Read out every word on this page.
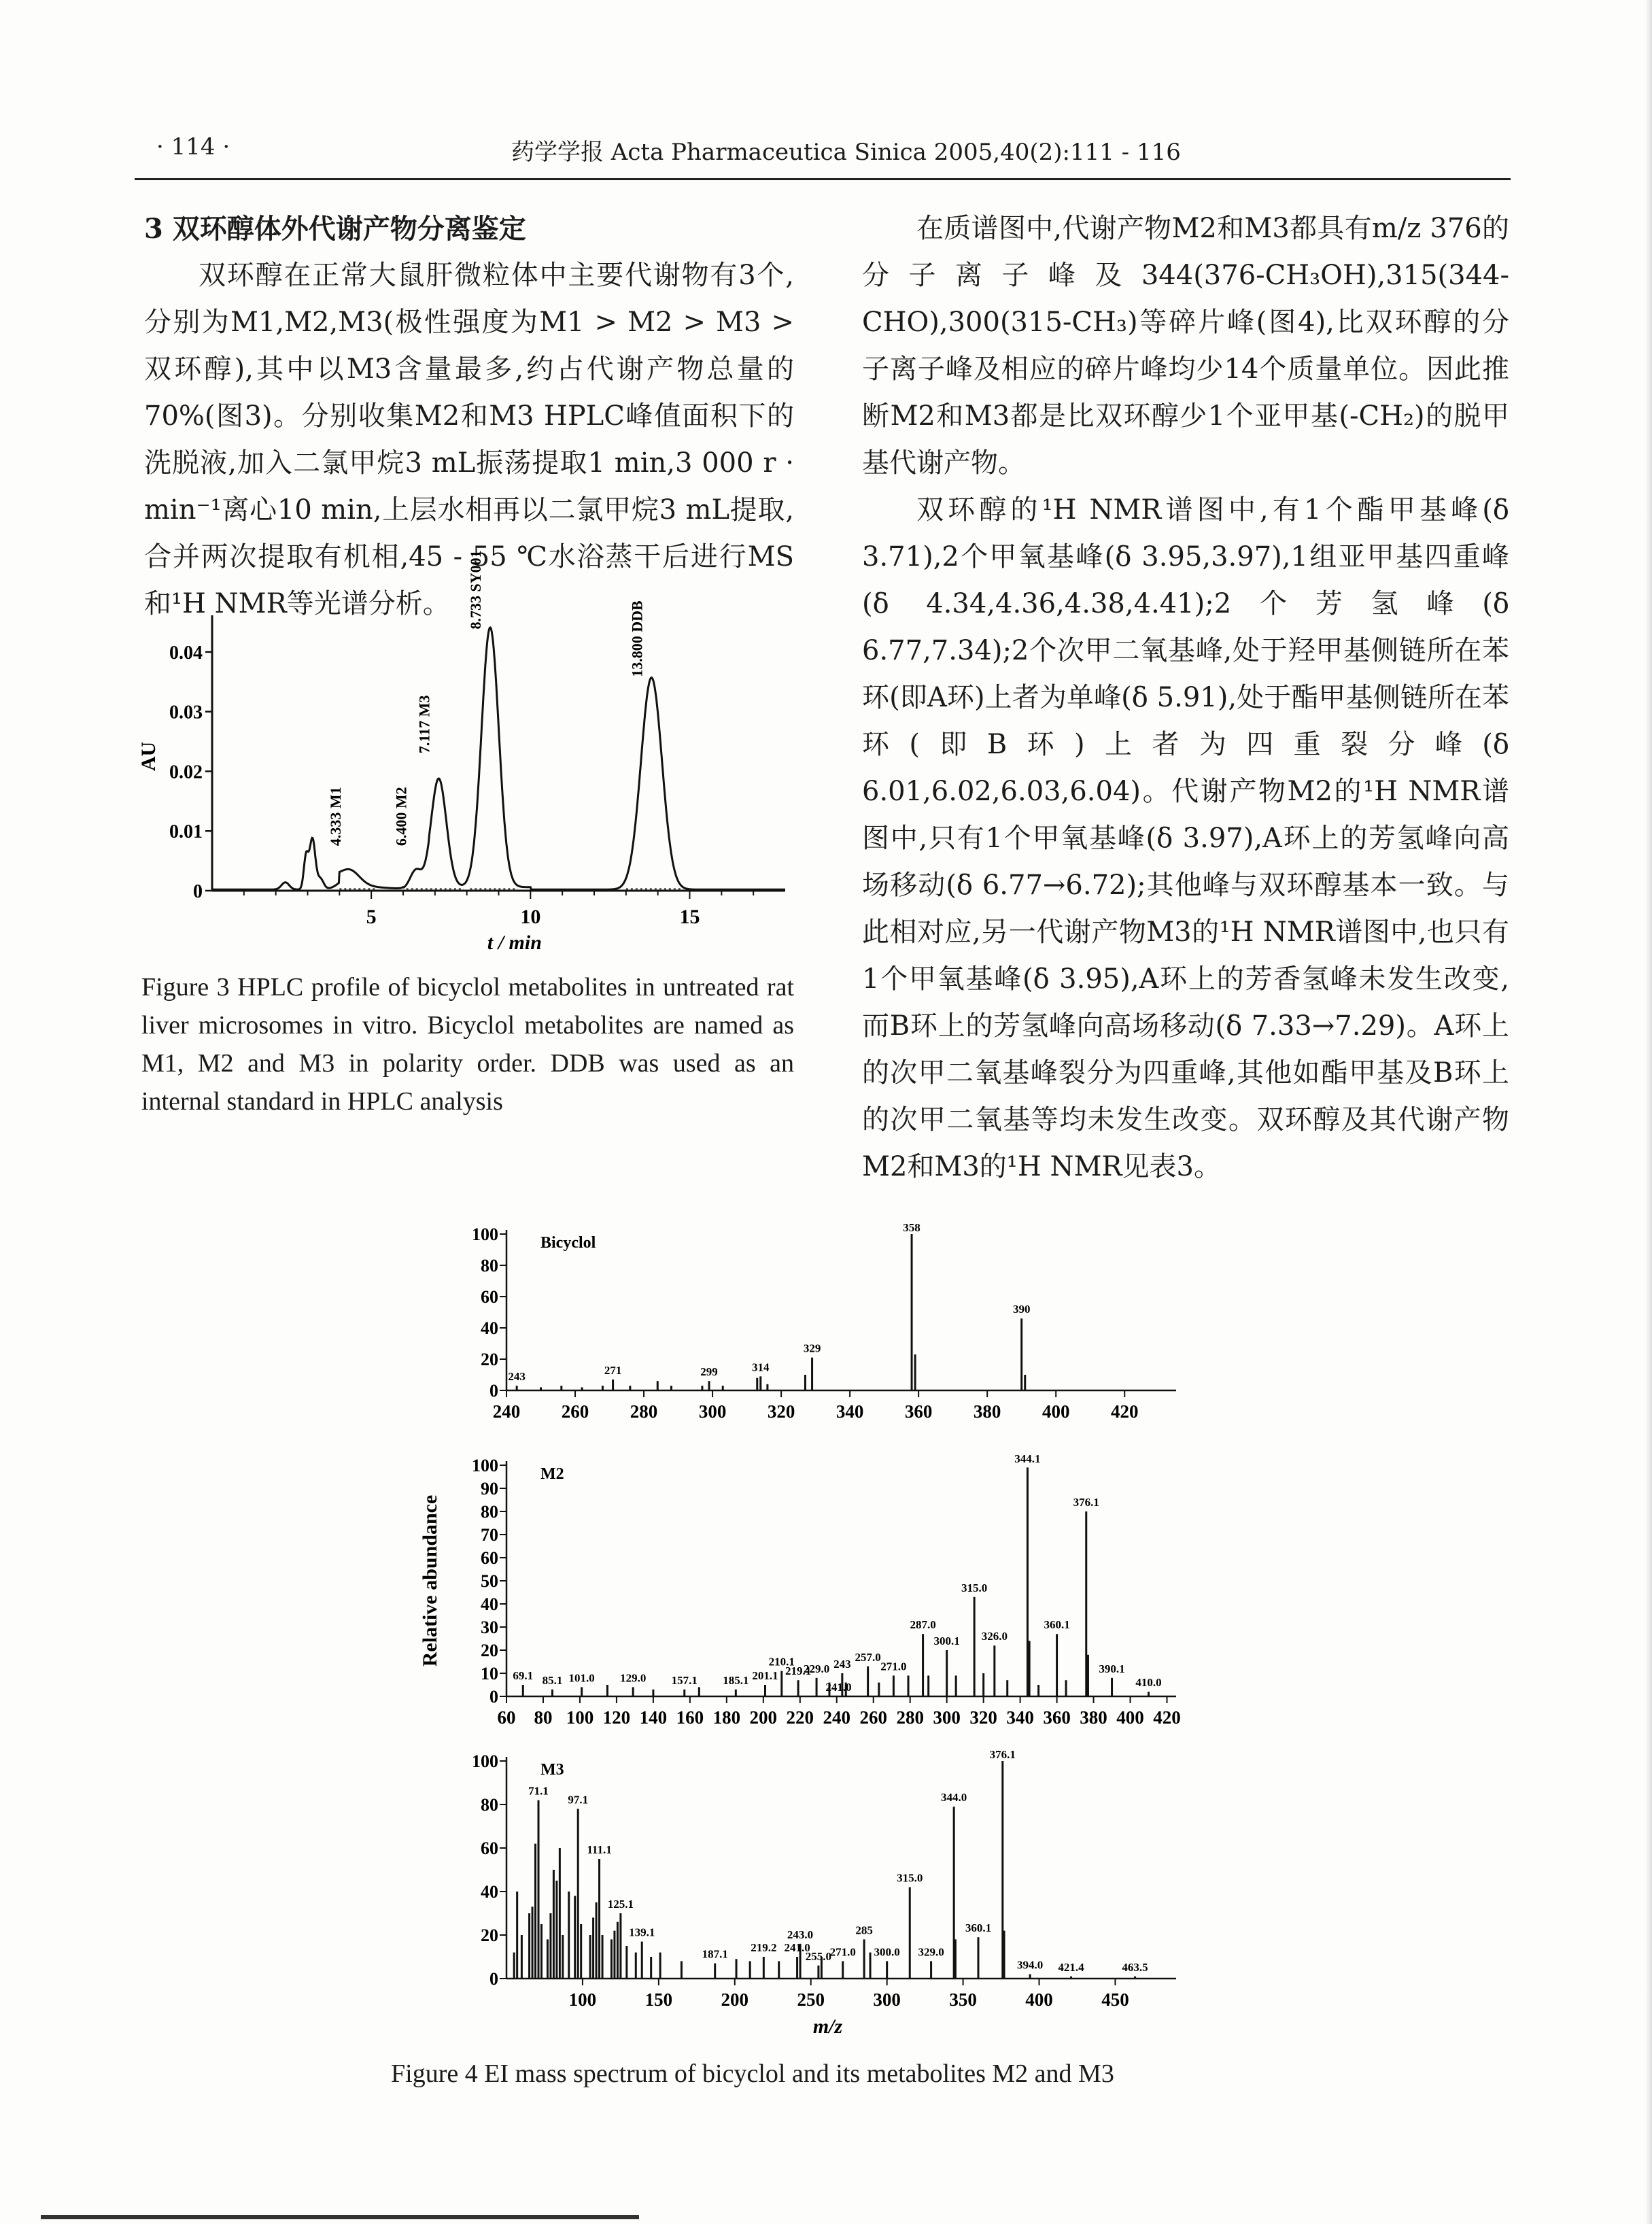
· 114 ·	药学学报 Acta Pharmaceutica Sinica 2005,40(2):111 - 116

3 双环醇体外代谢产物分离鉴定

双环醇在正常大鼠肝微粒体中主要代谢物有3个,分别为M1,M2,M3(极性强度为M1 > M2 > M3 > 双环醇),其中以M3含量最多,约占代谢产物总量的70%(图3)。分别收集M2和M3 HPLC峰值面积下的洗脱液,加入二氯甲烷3 mL振荡提取1 min,3 000 r · min⁻¹离心10 min,上层水相再以二氯甲烷3 mL提取,合并两次提取有机相,45 - 55 ℃水浴蒸干后进行MS和¹H NMR等光谱分析。

在质谱图中,代谢产物M2和M3都具有m/z 376的分子离子峰及344(376-CH₃OH),315(344-CHO),300(315-CH₃)等碎片峰(图4),比双环醇的分子离子峰及相应的碎片峰均少14个质量单位。因此推断M2和M3都是比双环醇少1个亚甲基(-CH₂)的脱甲基代谢产物。

双环醇的¹H NMR谱图中,有1个酯甲基峰(δ 3.71),2个甲氧基峰(δ 3.95,3.97),1组亚甲基四重峰(δ 4.34,4.36,4.38,4.41);2个芳氢峰(δ 6.77,7.34);2个次甲二氧基峰,处于羟甲基侧链所在苯环(即A环)上者为单峰(δ 5.91),处于酯甲基侧链所在苯环(即B环)上者为四重裂分峰(δ 6.01,6.02,6.03,6.04)。代谢产物M2的¹H NMR谱图中,只有1个甲氧基峰(δ 3.97),A环上的芳氢峰向高场移动(δ 6.77→6.72);其他峰与双环醇基本一致。与此相对应,另一代谢产物M3的¹H NMR谱图中,也只有1个甲氧基峰(δ 3.95),A环上的芳香氢峰未发生改变,而B环上的芳氢峰向高场移动(δ 7.33→7.29)。A环上的次甲二氧基峰裂分为四重峰,其他如酯甲基及B环上的次甲二氧基等均未发生改变。双环醇及其代谢产物M2和M3的¹H NMR见表3。

0
0.01
0.02
0.03
0.04
5	10	15
t / min
AU
4.333 M1	6.400 M2
7.117 M3
8.733 SY001
13.800 DDB
Figure 3 HPLC profile of bicyclol metabolites in untreated rat liver microsomes in vitro. Bicyclol metabolites are named as M1, M2 and M3 in polarity order. DDB was used as an internal standard in HPLC analysis
0
20
40
60
80
100
240 260 280 300 320 340 360 380 400 420
Bicyclol
243	271	299	314
329
358
390
0
10
20
30
40
50
60
70
80
90
100
60 80 100 120 140 160 180 200 220 240 260 280 300 320 340 360 380 400 420
M2
69.1 85.1 101.0 129.0 157.1 185.1 201.1
210.1
219.1
229.0
241.0
243
257.0
271.0
287.0
300.1
315.0
326.0
344.1
360.1
376.1
390.1
410.0
0
20
40
60
80
100
100	150	200	250	300	350	400	450
M3
71.1
97.1
111.1
125.1
139.1
187.1
219.2
243.0
241.0
255.0
271.0
285
300.0
315.0
329.0
344.0
360.1
376.1
394.0 421.4	463.5
m/z
Relative abundance
Figure 4 EI mass spectrum of bicyclol and its metabolites M2 and M3
